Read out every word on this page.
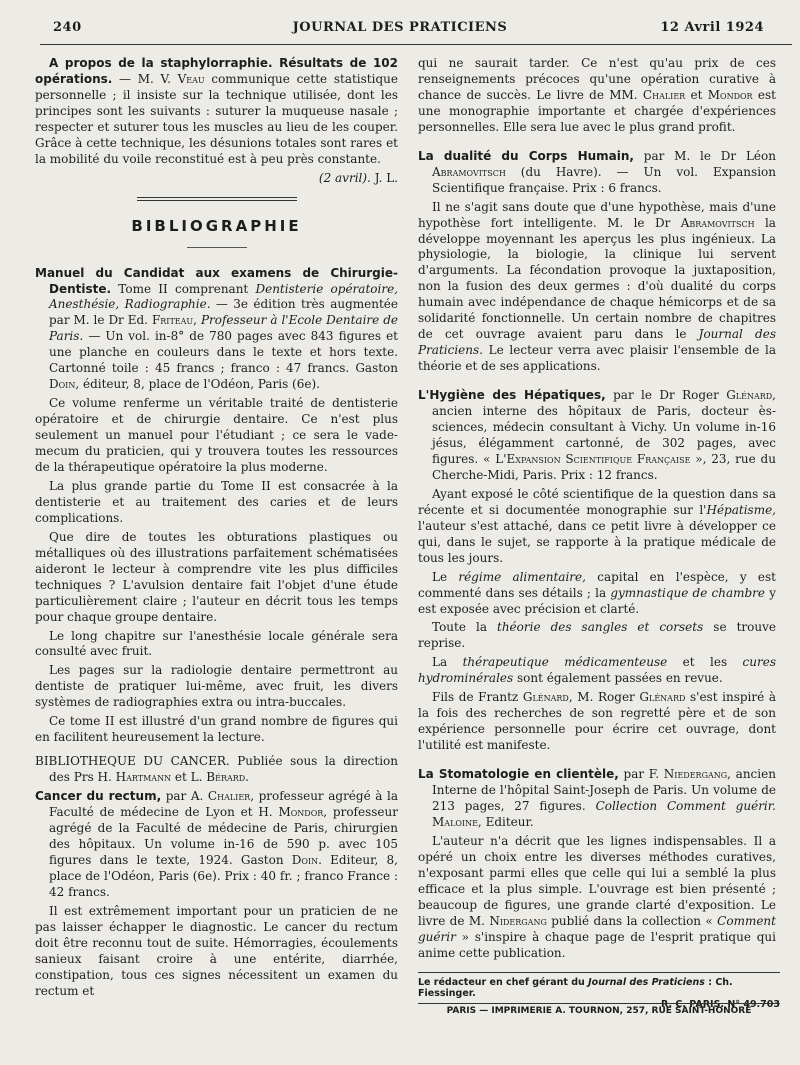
240	JOURNAL DES PRATICIENS	12 Avril 1924

A propos de la staphylorraphie. Résultats de 102 opérations. — M. V. Veau communique cette statistique personnelle ; il insiste sur la technique utilisée, dont les principes sont les suivants : suturer la muqueuse nasale ; respecter et suturer tous les muscles au lieu de les couper. Grâce à cette technique, les désunions totales sont rares et la mobilité du voile reconstitué est à peu près constante.

(2 avril). J. L.

BIBLIOGRAPHIE

Manuel du Candidat aux examens de Chirurgie-Dentiste. Tome II comprenant Dentisterie opératoire, Anesthésie, Radiographie. — 3e édition très augmentée par M. le Dr Ed. Friteau, Professeur à l'Ecole Dentaire de Paris. — Un vol. in-8° de 780 pages avec 843 figures et une planche en couleurs dans le texte et hors texte. Cartonné toile : 45 francs ; franco : 47 francs. Gaston Doin, éditeur, 8, place de l'Odéon, Paris (6e).

Ce volume renferme un véritable traité de dentisterie opératoire et de chirurgie dentaire. Ce n'est plus seulement un manuel pour l'étudiant ; ce sera le vade-mecum du praticien, qui y trouvera toutes les ressources de la thérapeutique opératoire la plus moderne.

La plus grande partie du Tome II est consacrée à la dentisterie et au traitement des caries et de leurs complications.

Que dire de toutes les obturations plastiques ou métalliques où des illustrations parfaitement schématisées aideront le lecteur à comprendre vite les plus difficiles techniques ? L'avulsion dentaire fait l'objet d'une étude particulièrement claire ; l'auteur en décrit tous les temps pour chaque groupe dentaire.

Le long chapitre sur l'anesthésie locale générale sera consulté avec fruit.

Les pages sur la radiologie dentaire permettront au dentiste de pratiquer lui-même, avec fruit, les divers systèmes de radiographies extra ou intra-buccales.

Ce tome II est illustré d'un grand nombre de figures qui en facilitent heureusement la lecture.

BIBLIOTHEQUE DU CANCER. Publiée sous la direction des Prs H. Hartmann et L. Bérard.

Cancer du rectum, par A. Chalier, professeur agrégé à la Faculté de médecine de Lyon et H. Mondor, professeur agrégé de la Faculté de médecine de Paris, chirurgien des hôpitaux. Un volume in-16 de 590 p. avec 105 figures dans le texte, 1924. Gaston Doin. Editeur, 8, place de l'Odéon, Paris (6e). Prix : 40 fr. ; franco France : 42 francs.

Il est extrêmement important pour un praticien de ne pas laisser échapper le diagnostic. Le cancer du rectum doit être reconnu tout de suite. Hémorragies, écoulements sanieux faisant croire à une entérite, diarrhée, constipation, tous ces signes nécessitent un examen du rectum et

qui ne saurait tarder. Ce n'est qu'au prix de ces renseignements précoces qu'une opération curative à chance de succès. Le livre de MM. Chalier et Mondor est une monographie importante et chargée d'expériences personnelles. Elle sera lue avec le plus grand profit.

La dualité du Corps Humain, par M. le Dr Léon Abramovitsch (du Havre). — Un vol. Expansion Scientifique française. Prix : 6 francs.

Il ne s'agit sans doute que d'une hypothèse, mais d'une hypothèse fort intelligente. M. le Dr Abramovitsch la développe moyennant les aperçus les plus ingénieux. La physiologie, la biologie, la clinique lui servent d'arguments. La fécondation provoque la juxtaposition, non la fusion des deux germes : d'où dualité du corps humain avec indépendance de chaque hémicorps et de sa solidarité fonctionnelle. Un certain nombre de chapitres de cet ouvrage avaient paru dans le Journal des Praticiens. Le lecteur verra avec plaisir l'ensemble de la théorie et de ses applications.

L'Hygiène des Hépatiques, par le Dr Roger Glénard, ancien interne des hôpitaux de Paris, docteur ès-sciences, médecin consultant à Vichy. Un volume in-16 jésus, élégamment cartonné, de 302 pages, avec figures. « L'Expansion Scientifique Française », 23, rue du Cherche-Midi, Paris. Prix : 12 francs.

Ayant exposé le côté scientifique de la question dans sa récente et si documentée monographie sur l'Hépatisme, l'auteur s'est attaché, dans ce petit livre à développer ce qui, dans le sujet, se rapporte à la pratique médicale de tous les jours.

Le régime alimentaire, capital en l'espèce, y est commenté dans ses détails ; la gymnastique de chambre y est exposée avec précision et clarté.

Toute la théorie des sangles et corsets se trouve reprise.

La thérapeutique médicamenteuse et les cures hydrominérales sont également passées en revue.

Fils de Frantz Glénard, M. Roger Glénard s'est inspiré à la fois des recherches de son regretté père et de son expérience personnelle pour écrire cet ouvrage, dont l'utilité est manifeste.

La Stomatologie en clientèle, par F. Niedergang, ancien Interne de l'hôpital Saint-Joseph de Paris. Un volume de 213 pages, 27 figures. Collection Comment guérir. Maloine, Editeur.

L'auteur n'a décrit que les lignes indispensables. Il a opéré un choix entre les diverses méthodes curatives, n'exposant parmi elles que celle qui lui a semblé la plus efficace et la plus simple. L'ouvrage est bien présenté ; beaucoup de figures, une grande clarté d'exposition. Le livre de M. Nidergang publié dans la collection « Comment guérir » s'inspire à chaque page de l'esprit pratique qui anime cette publication.

Le rédacteur en chef gérant du Journal des Praticiens : Ch. Fiessinger.
R. C. PARIS. N° 49.703
PARIS — IMPRIMERIE A. TOURNON, 257, RUE SAINT-HONORÉ
